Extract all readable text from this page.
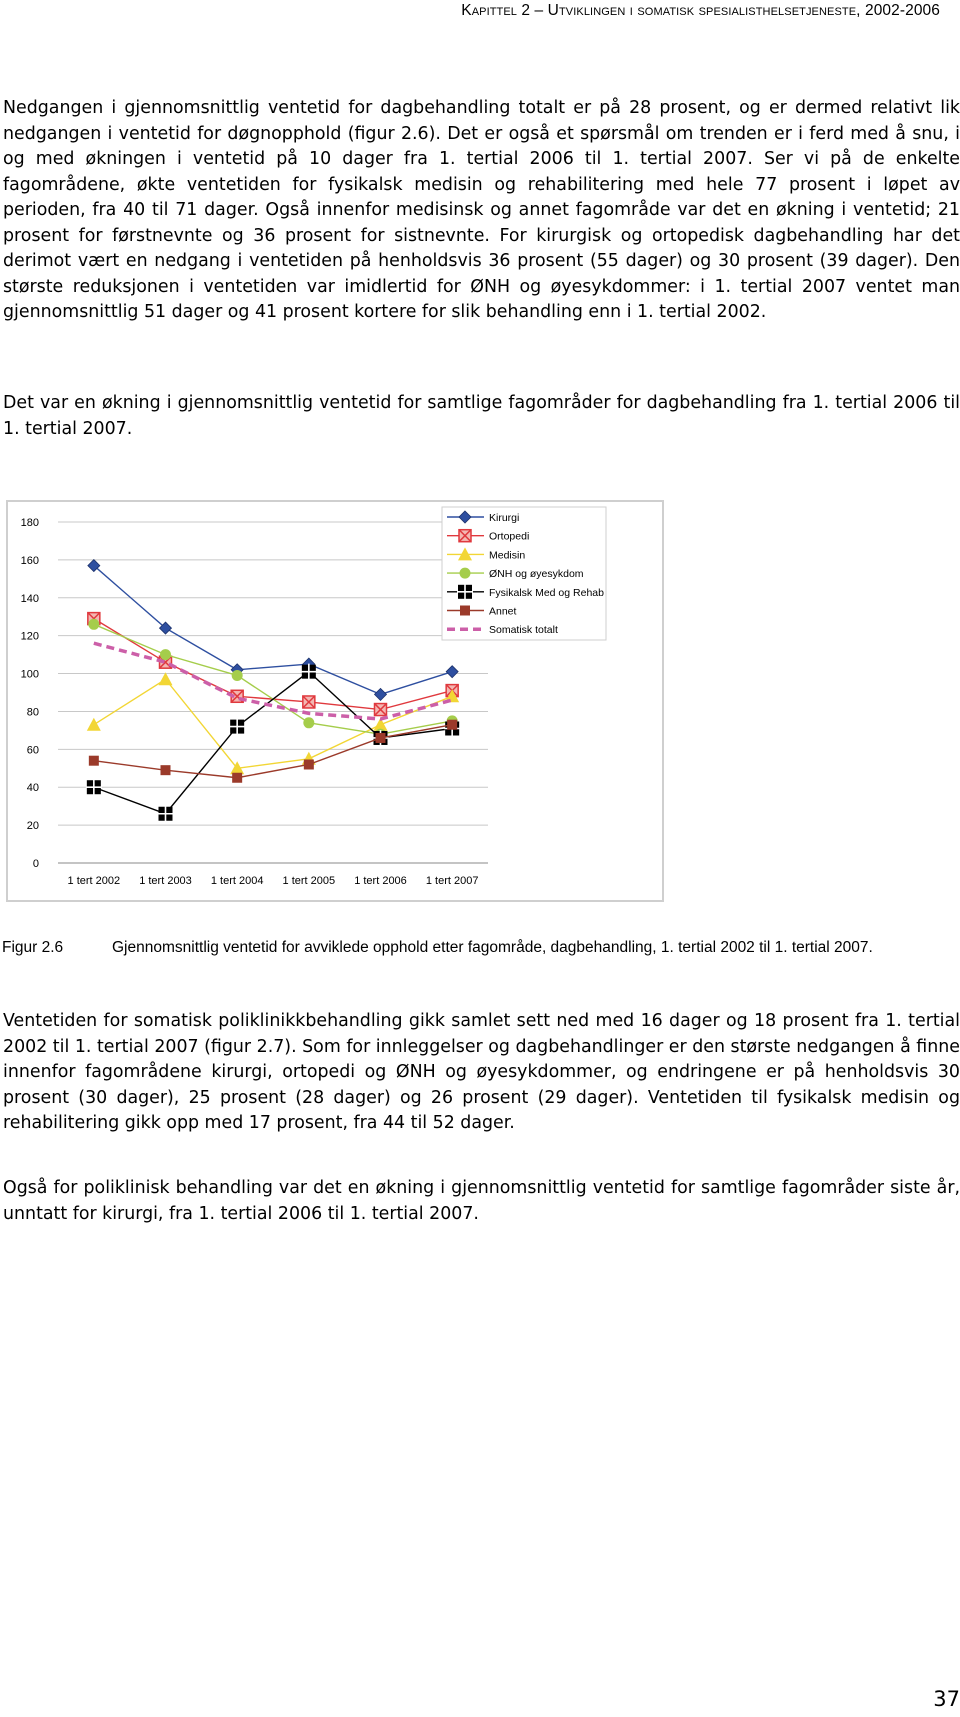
Kapittel 2 – Utviklingen i somatisk spesialisthelsetjeneste, 2002-2006

Nedgangen i gjennomsnittlig ventetid for dagbehandling totalt er på 28 prosent, og er dermed relativt lik nedgangen i ventetid for døgnopphold (figur 2.6). Det er også et spørsmål om trenden er i ferd med å snu, i og med økningen i ventetid på 10 dager fra 1. tertial 2006 til 1. tertial 2007. Ser vi på de enkelte fagområdene, økte ventetiden for fysikalsk medisin og rehabilitering med hele 77 prosent i løpet av perioden, fra 40 til 71 dager. Også innenfor medisinsk og annet fagområde var det en økning i ventetid; 21 prosent for førstnevnte og 36 prosent for sistnevnte. For kirurgisk og ortopedisk dagbehandling har det derimot vært en nedgang i ventetiden på henholdsvis 36 prosent (55 dager) og 30 prosent (39 dager). Den største reduksjonen i ventetiden var imidlertid for ØNH og øyesykdommer: i 1. tertial 2007 ventet man gjennomsnittlig 51 dager og 41 prosent kortere for slik behandling enn i 1. tertial 2002.

Det var en økning i gjennomsnittlig ventetid for samtlige fagområder for dagbehandling fra 1. tertial 2006 til 1. tertial 2007.

0
20
40
60
80
100
120
140
160
180
1 tert 2002 1 tert 2003 1 tert 2004 1 tert 2005 1 tert 2006 1 tert 2007
Kirurgi
Ortopedi
Medisin
ØNH og øyesykdom
Fysikalsk Med og Rehab
Annet
Somatisk totalt
Figur 2.6	Gjennomsnittlig ventetid for avviklede opphold etter fagområde, dagbehandling, 1. tertial 2002 til 1. tertial 2007.

Ventetiden for somatisk poliklinikkbehandling gikk samlet sett ned med 16 dager og 18 prosent fra 1. tertial 2002 til 1. tertial 2007 (figur 2.7). Som for innleggelser og dagbehandlinger er den største nedgangen å finne innenfor fagområdene kirurgi, ortopedi og ØNH og øyesykdommer, og endringene er på henholdsvis 30 prosent (30 dager), 25 prosent (28 dager) og 26 prosent (29 dager). Ventetiden til fysikalsk medisin og rehabilitering gikk opp med 17 prosent, fra 44 til 52 dager.

Også for poliklinisk behandling var det en økning i gjennomsnittlig ventetid for samtlige fagområder siste år, unntatt for kirurgi, fra 1. tertial 2006 til 1. tertial 2007.

37
